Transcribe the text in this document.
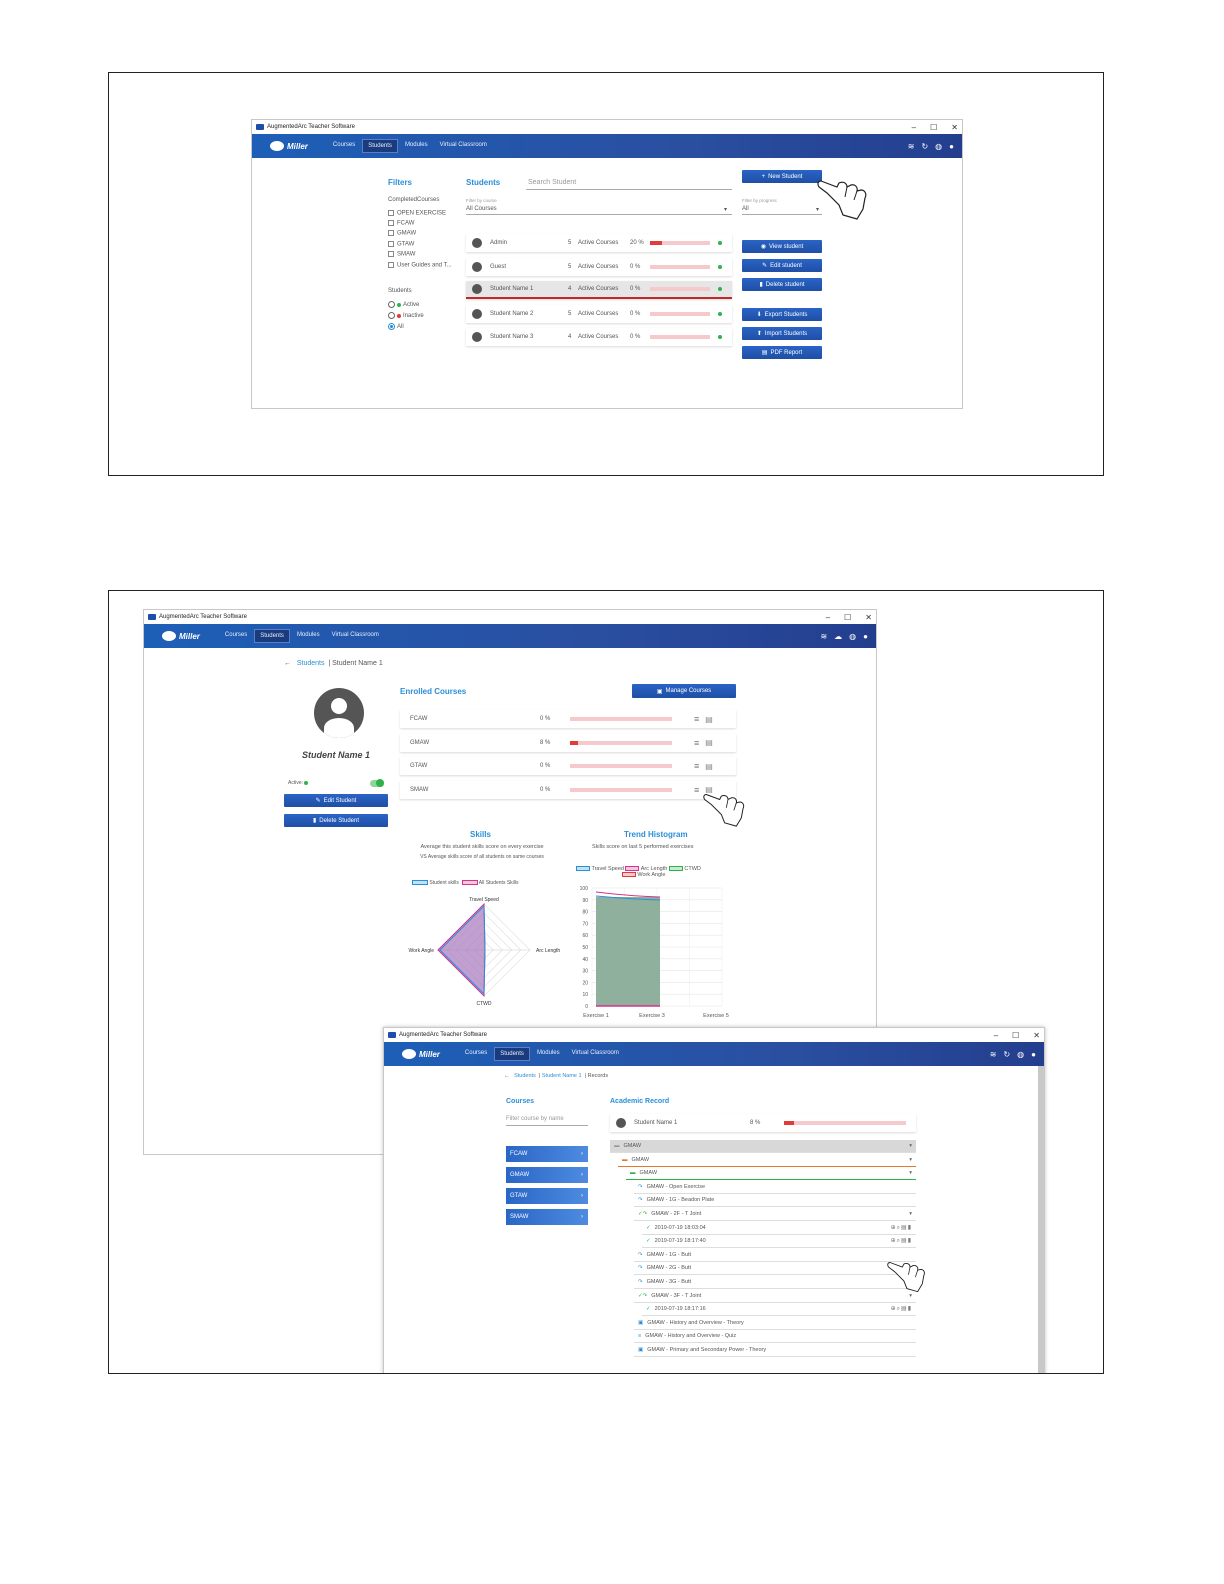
AugmentedArc Teacher Software	– ☐ ✕
Miller	Courses	Students	Modules	Virtual Classroom	≋ ↻ ◍ ●
Filters
CompletedCourses
OPEN EXERCISE
FCAW
GMAW
GTAW
SMAW
User Guides and T...
Students
Active
Inactive
All
Students	Search Student
Filter by course
All Courses	▾
+ New Student
Filter by progress
All	▾
Admin	5	Active Courses	20 %
Guest	5	Active Courses	0 %
Student Name 1	4	Active Courses	0 %
Student Name 2	5	Active Courses	0 %
Student Name 3	4	Active Courses	0 %
◉ View student
✎ Edit student
▮ Delete student
⬇ Export Students
⬆ Import Students
▤ PDF Report
AugmentedArc Teacher Software	– ☐ ✕
Miller	Courses	Students	Modules	Virtual Classroom	≋ ☁ ◍ ●
← Students  | Student Name 1
Student Name 1
Active:
✎ Edit Student
▮ Delete Student
Enrolled Courses	▣ Manage Courses
FCAW	0 %	≡ ▤
GMAW	8 %	≡ ▤
GTAW	0 %	≡ ▤
SMAW	0 %	≡ ▤
Skills
Average this student skills score on every exercise
VS Average skills score of all students on same courses
Student skills	All Students Skills
Travel Speed
Arc Length
CTWD
Work Angle
Trend Histogram
Skills score on last 5 performed exercises
Travel Speed	Arc Length	CTWD
Work Angle
100
90
80
70
60
50
40
30
20
10
0
Exercise 1	Exercise 3	Exercise 5
AugmentedArc Teacher Software	– ☐ ✕
Miller	Courses	Students	Modules	Virtual Classroom	≋ ↻ ◍ ●
← Students  | Student Name 1  | Records
Courses
Filter course by name
FCAW	›
GMAW	›
GTAW	›
SMAW	›
Academic Record
Student Name 1	8 %
▬ GMAW	▾
▬ GMAW	▾
▬ GMAW	▾
↷ GMAW - Open Exercise
↷ GMAW - 1G - Beadon Plate
✓↷ GMAW - 2F - T Joint	▾
✓ 2019-07-19 18:03:04	⊕⌕▤▮
✓ 2019-07-19 18:17:40	⊕⌕▤▮
↷ GMAW - 1G - Butt
↷ GMAW - 2G - Butt
↷ GMAW - 3G - Butt
✓↷ GMAW - 3F - T Joint	▾
✓ 2019-07-19 18:17:16	⊕⌕▤▮
▣ GMAW - History and Overview - Theory
≡ GMAW - History and Overview - Quiz
▣ GMAW - Primary and Secondary Power - Theory
